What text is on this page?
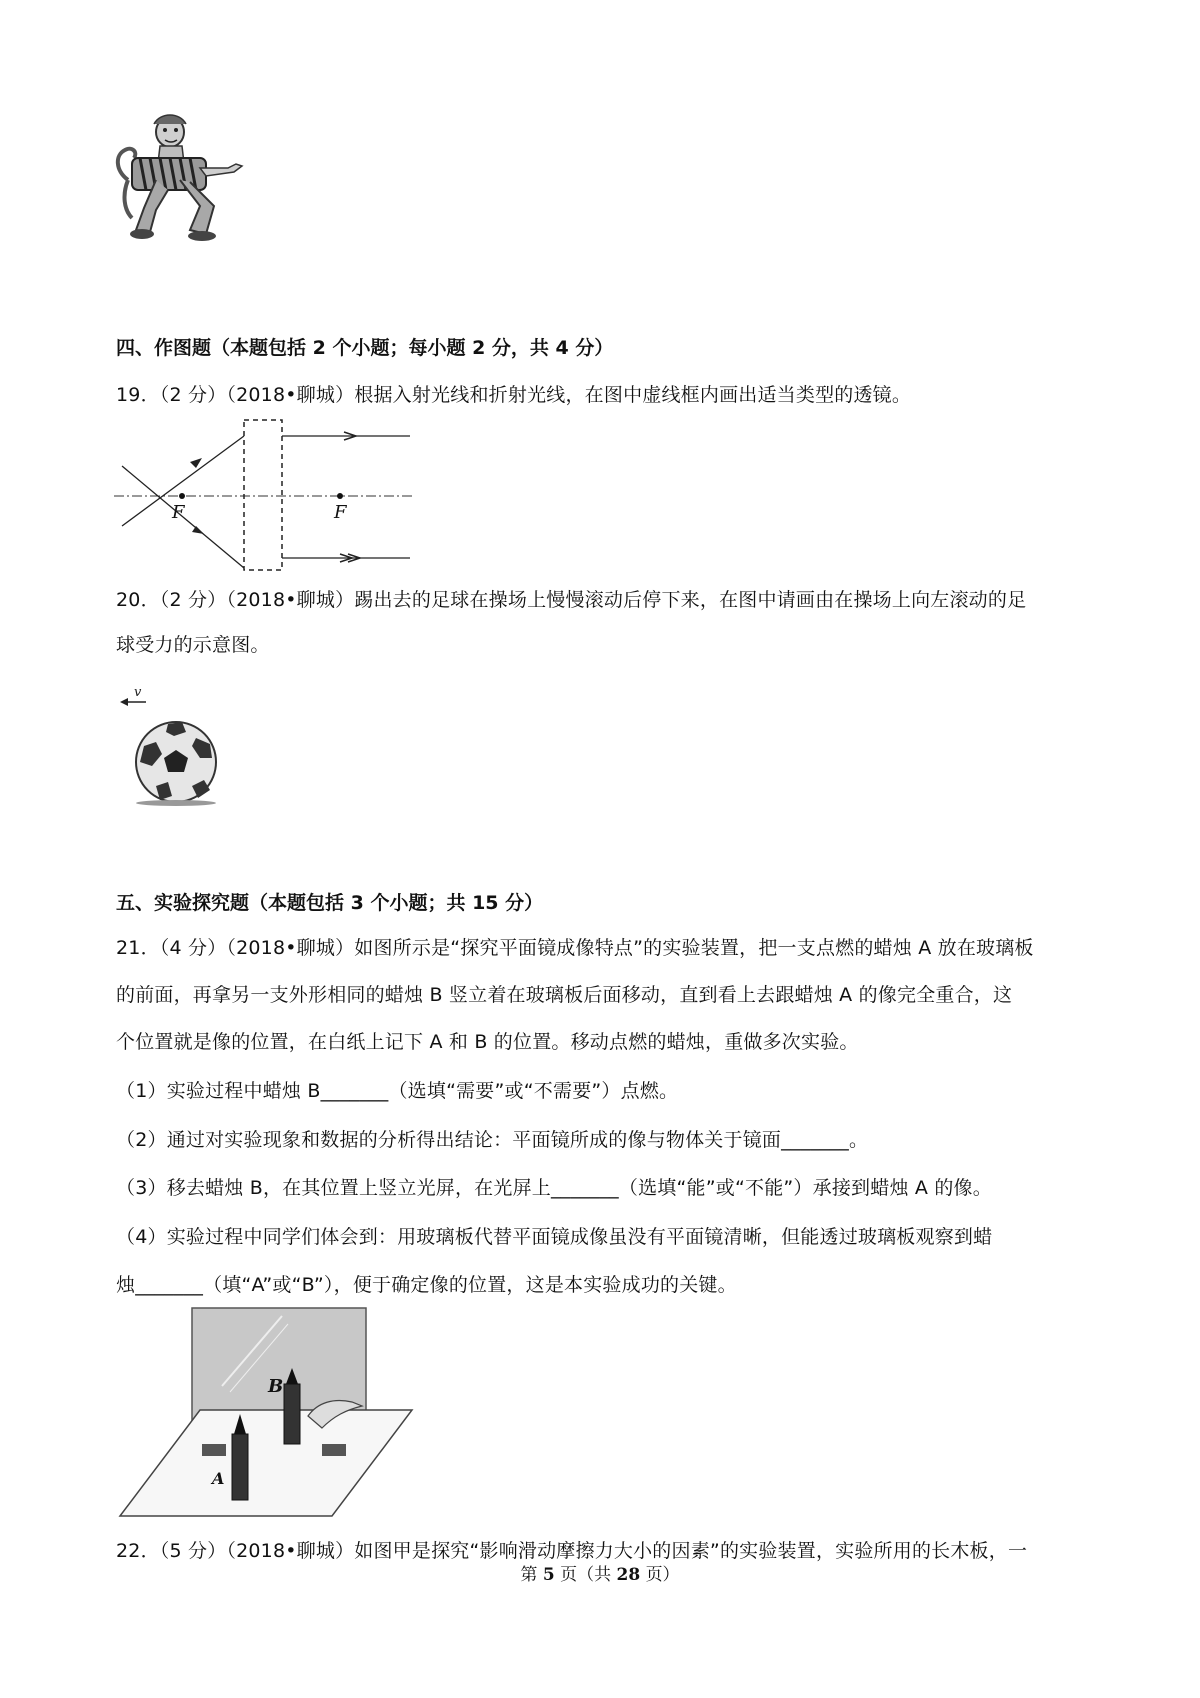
四、作图题（本题包括 2 个小题；每小题 2 分，共 4 分）
19．（2 分）（2018•聊城）根据入射光线和折射光线，在图中虚线框内画出适当类型的透镜。
F	F
20．（2 分）（2018•聊城）踢出去的足球在操场上慢慢滚动后停下来，在图中请画由在操场上向左滚动的足
球受力的示意图。
v
五、实验探究题（本题包括 3 个小题；共 15 分）
21．（4 分）（2018•聊城）如图所示是“探究平面镜成像特点”的实验装置，把一支点燃的蜡烛 A 放在玻璃板
的前面，再拿另一支外形相同的蜡烛 B 竖立着在玻璃板后面移动，直到看上去跟蜡烛 A 的像完全重合，这
个位置就是像的位置，在白纸上记下 A 和 B 的位置。移动点燃的蜡烛，重做多次实验。
（1）实验过程中蜡烛 B_______（选填“需要”或“不需要”）点燃。
（2）通过对实验现象和数据的分析得出结论：平面镜所成的像与物体关于镜面_______。
（3）移去蜡烛 B，在其位置上竖立光屏，在光屏上_______（选填“能”或“不能”）承接到蜡烛 A 的像。
（4）实验过程中同学们体会到：用玻璃板代替平面镜成像虽没有平面镜清晰，但能透过玻璃板观察到蜡
烛_______（填“A”或“B”），便于确定像的位置，这是本实验成功的关键。
B
A
22．（5 分）（2018•聊城）如图甲是探究“影响滑动摩擦力大小的因素”的实验装置，实验所用的长木板，一
第 5 页（共 28 页）
